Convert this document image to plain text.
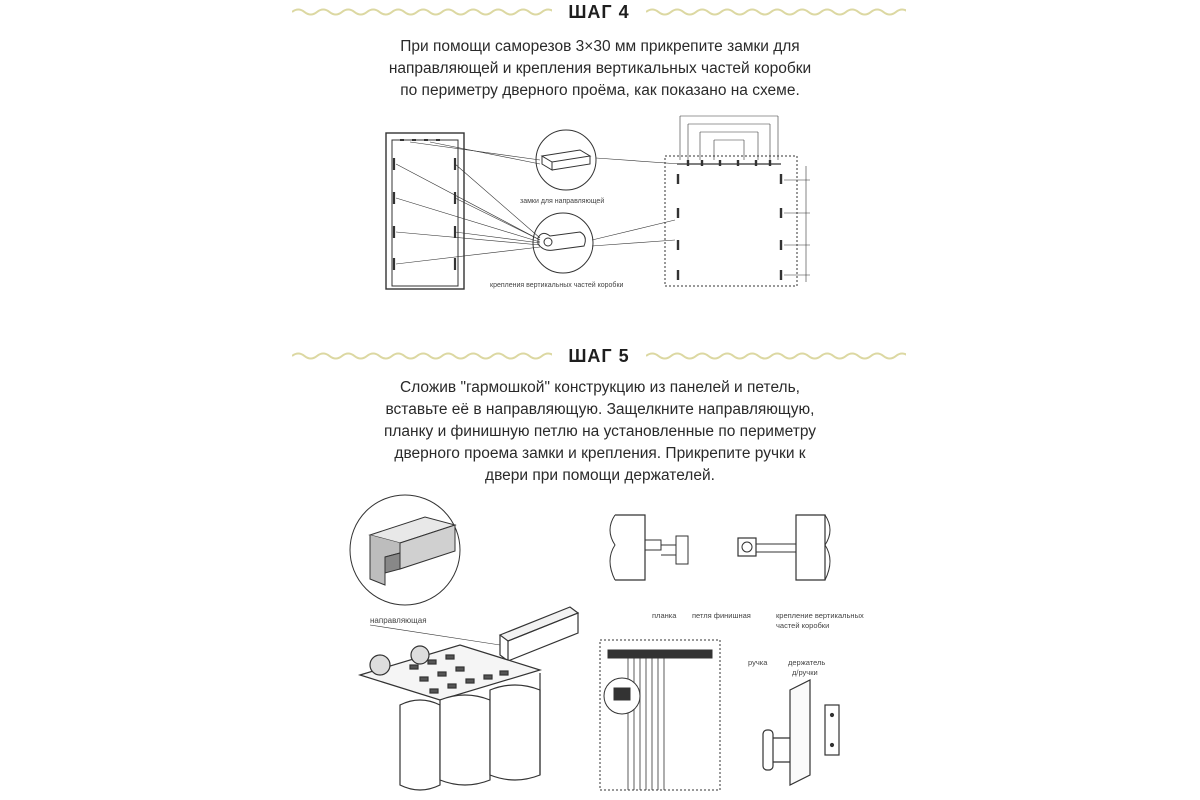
ШАГ 4
При помощи саморезов 3×30 мм прикрепите замки для
направляющей и крепления вертикальных частей коробки
по периметру дверного проёма, как показано на схеме.
замки для направляющей
крепления вертикальных частей коробки
ШАГ 5
Сложив "гармошкой" конструкцию из панелей и петель,
вставьте её в направляющую. Защелкните направляющую,
планку и финишную петлю на установленные по периметру
дверного проема замки и крепления. Прикрепите ручки к
двери при помощи держателей.
направляющая
планка петля финишная	крепление вертикальных
частей коробки
ручка	держатель
д/ручки
